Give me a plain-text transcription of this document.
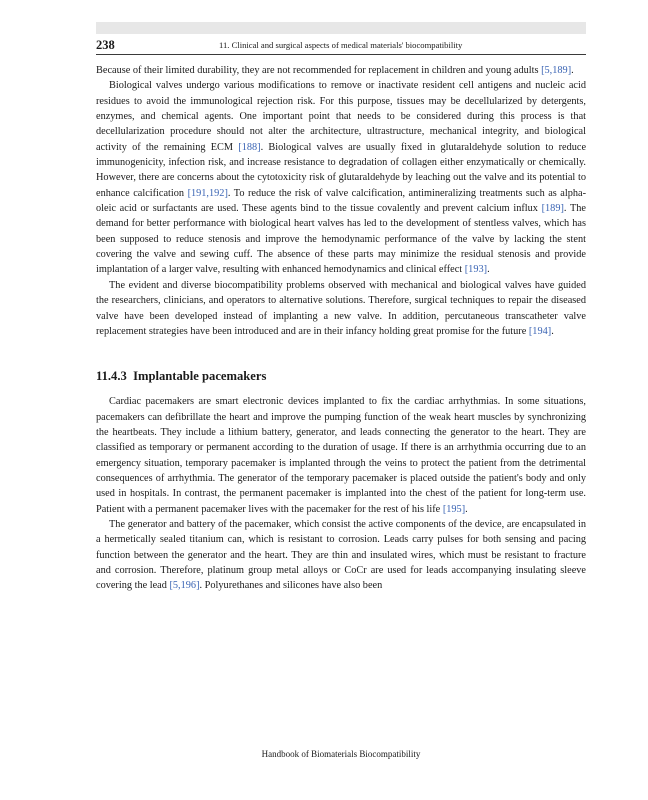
238	11. Clinical and surgical aspects of medical materials' biocompatibility

Because of their limited durability, they are not recommended for replacement in children and young adults [5,189].

Biological valves undergo various modifications to remove or inactivate resident cell antigens and nucleic acid residues to avoid the immunological rejection risk. For this purpose, tissues may be decellularized by detergents, enzymes, and chemical agents. One important point that needs to be considered during this process is that decellularization procedure should not alter the architecture, ultrastructure, mechanical integrity, and biological activity of the remaining ECM [188]. Biological valves are usually fixed in glutaraldehyde solution to reduce immunogenicity, infection risk, and increase resistance to degradation of collagen either enzymatically or chemically. However, there are concerns about the cytotoxicity risk of glutaraldehyde by leaching out the valve and its potential to enhance calcification [191,192]. To reduce the risk of valve calcification, antimineralizing treatments such as alpha-oleic acid or surfactants are used. These agents bind to the tissue covalently and prevent calcium influx [189]. The demand for better performance with biological heart valves has led to the development of stentless valves, which has been supposed to reduce stenosis and improve the hemodynamic performance of the valve by lacking the stent covering the valve and sewing cuff. The absence of these parts may minimize the residual stenosis and provide implantation of a larger valve, resulting with enhanced hemodynamics and clinical effect [193].

The evident and diverse biocompatibility problems observed with mechanical and biological valves have guided the researchers, clinicians, and operators to alternative solutions. Therefore, surgical techniques to repair the diseased valve have been developed instead of implanting a new valve. In addition, percutaneous transcatheter valve replacement strategies have been introduced and are in their infancy holding great promise for the future [194].

11.4.3 Implantable pacemakers

Cardiac pacemakers are smart electronic devices implanted to fix the cardiac arrhythmias. In some situations, pacemakers can defibrillate the heart and improve the pumping function of the weak heart muscles by synchronizing the heartbeats. They include a lithium battery, generator, and leads connecting the generator to the heart. They are classified as temporary or permanent according to the duration of usage. If there is an arrhythmia occurring due to an emergency situation, temporary pacemaker is implanted through the veins to protect the patient from the detrimental consequences of arrhythmia. The generator of the temporary pacemaker is placed outside the patient's body and only used in hospitals. In contrast, the permanent pacemaker is implanted into the chest of the patient for long-term use. Patient with a permanent pacemaker lives with the pacemaker for the rest of his life [195].

The generator and battery of the pacemaker, which consist the active components of the device, are encapsulated in a hermetically sealed titanium can, which is resistant to corrosion. Leads carry pulses for both sensing and pacing function between the generator and the heart. They are thin and insulated wires, which must be resistant to fracture and corrosion. Therefore, platinum group metal alloys or CoCr are used for leads accompanying insulating sleeve covering the lead [5,196]. Polyurethanes and silicones have also been

Handbook of Biomaterials Biocompatibility
